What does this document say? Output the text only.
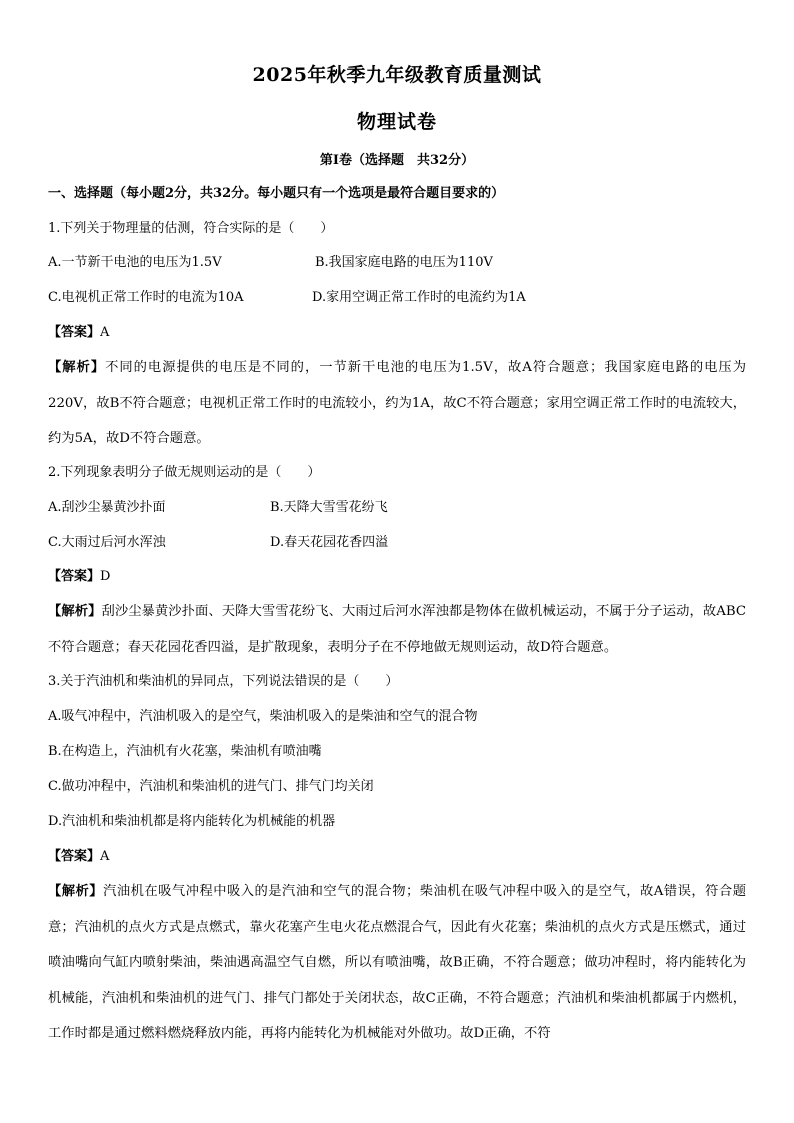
2025年秋季九年级教育质量测试
物理试卷
第Ⅰ卷（选择题　共32分）
一、选择题（每小题2分，共32分。每小题只有一个选项是最符合题目要求的）
1.下列关于物理量的估测，符合实际的是（　　）
A.一节新干电池的电压为1.5V	B.我国家庭电路的电压为110V
C.电视机正常工作时的电流为10A	D.家用空调正常工作时的电流约为1A
【答案】A
【解析】不同的电源提供的电压是不同的，一节新干电池的电压为1.5V，故A符合题意；我国家庭电路的电压为220V，故B不符合题意；电视机正常工作时的电流较小，约为1A，故C不符合题意；家用空调正常工作时的电流较大，约为5A，故D不符合题意。
2.下列现象表明分子做无规则运动的是（　　）
A.刮沙尘暴黄沙扑面	B.天降大雪雪花纷飞
C.大雨过后河水浑浊	D.春天花园花香四溢
【答案】D
【解析】刮沙尘暴黄沙扑面、天降大雪雪花纷飞、大雨过后河水浑浊都是物体在做机械运动，不属于分子运动，故ABC不符合题意；春天花园花香四溢，是扩散现象，表明分子在不停地做无规则运动，故D符合题意。
3.关于汽油机和柴油机的异同点，下列说法错误的是（　　）
A.吸气冲程中，汽油机吸入的是空气，柴油机吸入的是柴油和空气的混合物
B.在构造上，汽油机有火花塞，柴油机有喷油嘴
C.做功冲程中，汽油机和柴油机的进气门、排气门均关闭
D.汽油机和柴油机都是将内能转化为机械能的机器
【答案】A
【解析】汽油机在吸气冲程中吸入的是汽油和空气的混合物；柴油机在吸气冲程中吸入的是空气，故A错误，符合题意；汽油机的点火方式是点燃式，靠火花塞产生电火花点燃混合气，因此有火花塞；柴油机的点火方式是压燃式，通过喷油嘴向气缸内喷射柴油，柴油遇高温空气自燃，所以有喷油嘴，故B正确，不符合题意；做功冲程时，将内能转化为机械能，汽油机和柴油机的进气门、排气门都处于关闭状态，故C正确，不符合题意；汽油机和柴油机都属于内燃机，工作时都是通过燃料燃烧释放内能，再将内能转化为机械能对外做功。故D正确，不符
